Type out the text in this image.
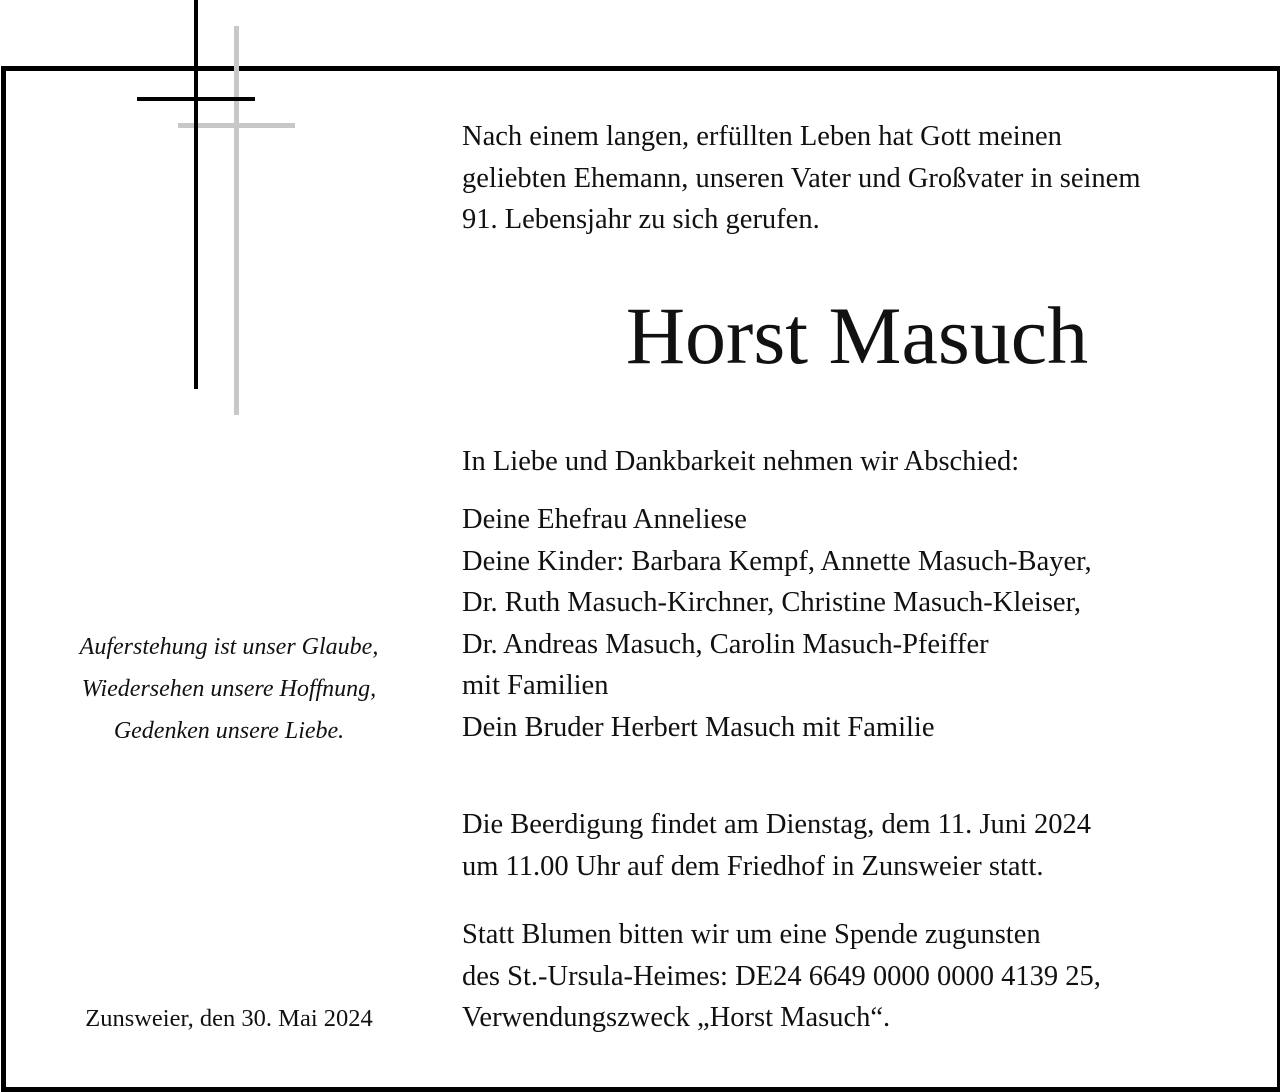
Nach einem langen, erfüllten Leben hat Gott meinen
geliebten Ehemann, unseren Vater und Großvater in seinem
91. Lebensjahr zu sich gerufen.
Horst Masuch
In Liebe und Dankbarkeit nehmen wir Abschied:
Deine Ehefrau Anneliese
Deine Kinder: Barbara Kempf, Annette Masuch-Bayer,
Dr. Ruth Masuch-Kirchner, Christine Masuch-Kleiser,
Dr. Andreas Masuch, Carolin Masuch-Pfeiffer
mit Familien
Dein Bruder Herbert Masuch mit Familie
Die Beerdigung findet am Dienstag, dem 11. Juni 2024
um 11.00 Uhr auf dem Friedhof in Zunsweier statt.
Statt Blumen bitten wir um eine Spende zugunsten
des St.-Ursula-Heimes: DE24 6649 0000 0000 4139 25,
Verwendungszweck „Horst Masuch“.
Auferstehung ist unser Glaube,
Wiedersehen unsere Hoffnung,
Gedenken unsere Liebe.
Zunsweier, den 30. Mai 2024
